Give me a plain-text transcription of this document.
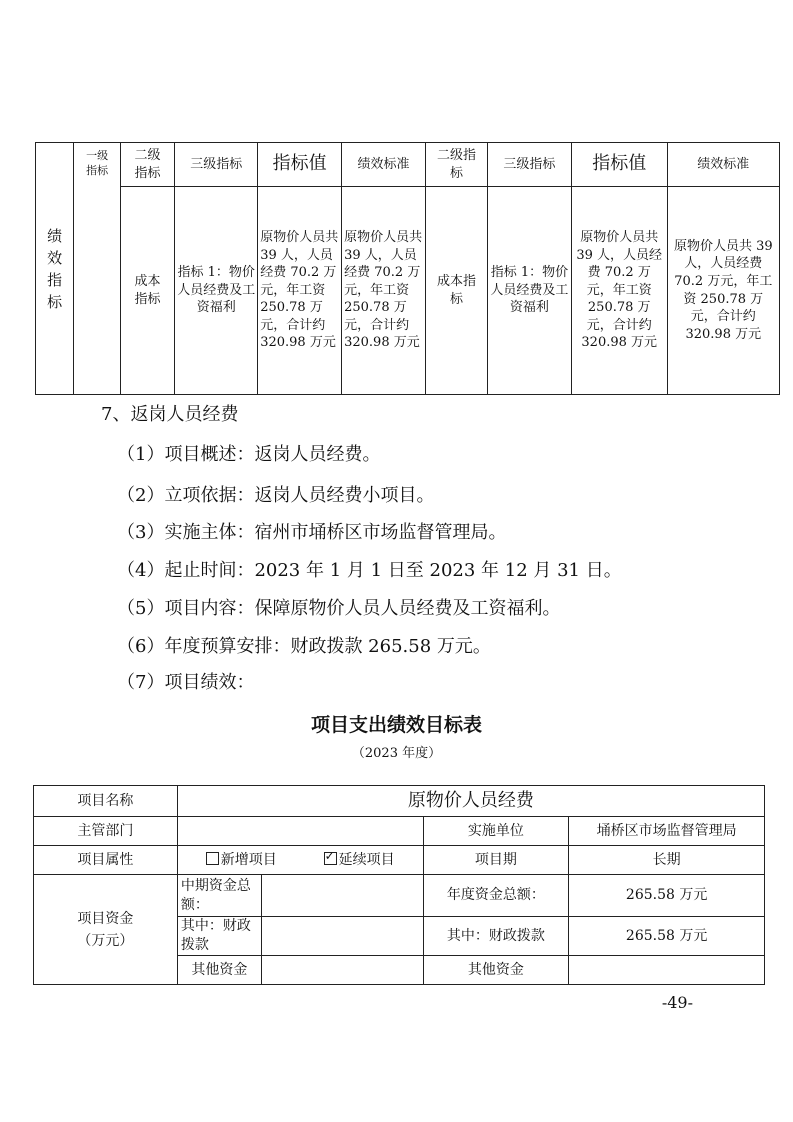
绩效指标	一级指标	二级指标	三级指标	指标值	绩效标准	二级指标	三级指标	指标值	绩效标准
		成本指标	指标 1：物价人员经费及工资福利	原物价人员共 39 人，人员经费 70.2 万元，年工资 250.78 万元，合计约 320.98 万元	原物价人员共 39 人，人员经费 70.2 万元，年工资 250.78 万元，合计约 320.98 万元	成本指标	指标 1：物价人员经费及工资福利	原物价人员共 39 人，人员经费 70.2 万元，年工资 250.78 万元，合计约 320.98 万元	原物价人员共 39 人，人员经费 70.2 万元，年工资 250.78 万元，合计约 320.98 万元
7、返岗人员经费
（1）项目概述：返岗人员经费。
（2）立项依据：返岗人员经费小项目。
（3）实施主体：宿州市埇桥区市场监督管理局。
（4）起止时间：2023 年 1 月 1 日至 2023 年 12 月 31 日。
（5）项目内容：保障原物价人员人员经费及工资福利。
（6）年度预算安排：财政拨款 265.58 万元。
（7）项目绩效：
项目支出绩效目标表
（2023 年度）
项目名称	原物价人员经费			
主管部门			实施单位	埇桥区市场监督管理局
项目属性	新增项目 ✓ 延续项目		项目期	长期
项目资金（万元）	中期资金总额：		年度资金总额：	265.58 万元
	其中：财政拨款		其中：财政拨款	265.58 万元
	其他资金		其他资金	
-49-
